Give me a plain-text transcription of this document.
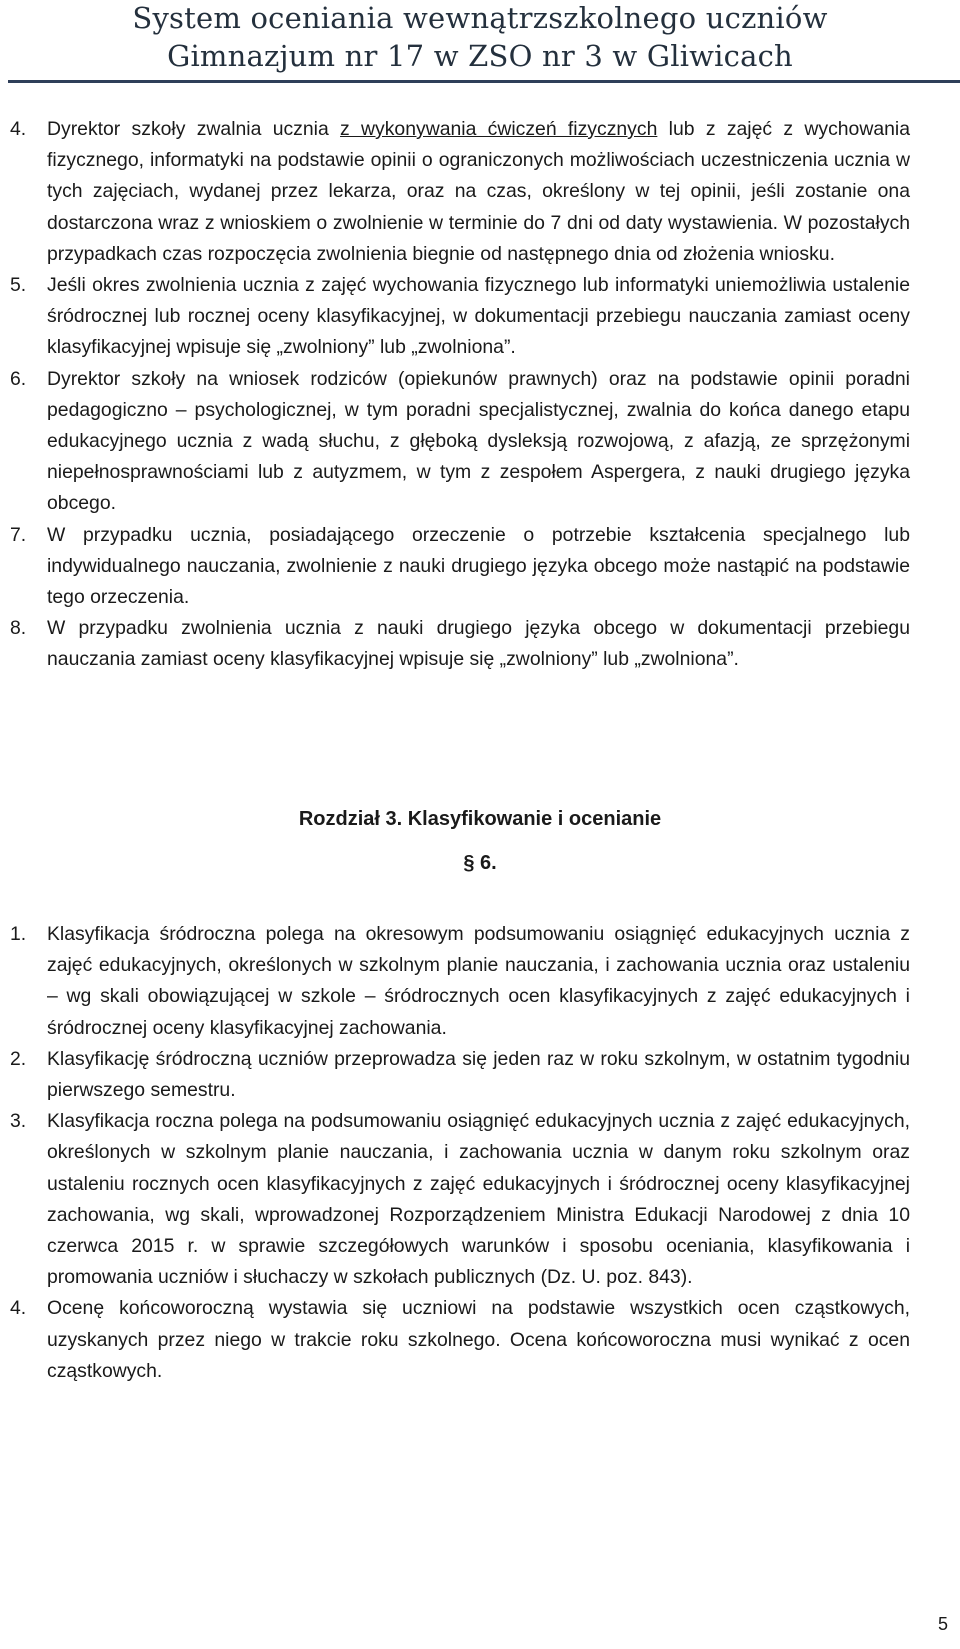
System oceniania wewnątrzszkolnego uczniów
Gimnazjum nr 17 w ZSO nr 3 w Gliwicach
4. Dyrektor szkoły zwalnia ucznia z wykonywania ćwiczeń fizycznych lub z zajęć z wychowania fizycznego, informatyki na podstawie opinii o ograniczonych możliwościach uczestniczenia ucznia w tych zajęciach, wydanej przez lekarza, oraz na czas, określony w tej opinii, jeśli zostanie ona dostarczona wraz z wnioskiem o zwolnienie w terminie do 7 dni od daty wystawienia. W pozostałych przypadkach czas rozpoczęcia zwolnienia biegnie od następnego dnia od złożenia wniosku.
5. Jeśli okres zwolnienia ucznia z zajęć wychowania fizycznego lub informatyki uniemożliwia ustalenie śródrocznej lub rocznej oceny klasyfikacyjnej, w dokumentacji przebiegu nauczania zamiast oceny klasyfikacyjnej wpisuje się „zwolniony” lub „zwolniona”.
6. Dyrektor szkoły na wniosek rodziców (opiekunów prawnych) oraz na podstawie opinii poradni pedagogiczno – psychologicznej, w tym poradni specjalistycznej, zwalnia do końca danego etapu edukacyjnego ucznia z wadą słuchu, z głęboką dysleksją rozwojową, z afazją, ze sprzężonymi niepełnosprawnościami lub z autyzmem, w tym z zespołem Aspergera, z nauki drugiego języka obcego.
7. W przypadku ucznia, posiadającego orzeczenie o potrzebie kształcenia specjalnego lub indywidualnego nauczania, zwolnienie z nauki drugiego języka obcego może nastąpić na podstawie tego orzeczenia.
8. W przypadku zwolnienia ucznia z nauki drugiego języka obcego w dokumentacji przebiegu nauczania zamiast oceny klasyfikacyjnej wpisuje się „zwolniony” lub „zwolniona”.
Rozdział 3. Klasyfikowanie i ocenianie
§ 6.
1. Klasyfikacja śródroczna polega na okresowym podsumowaniu osiągnięć edukacyjnych ucznia z zajęć edukacyjnych, określonych w szkolnym planie nauczania, i zachowania ucznia oraz ustaleniu – wg skali obowiązującej w szkole – śródrocznych ocen klasyfikacyjnych z zajęć edukacyjnych i śródrocznej oceny klasyfikacyjnej zachowania.
2. Klasyfikację śródroczną uczniów przeprowadza się jeden raz w roku szkolnym, w ostatnim tygodniu pierwszego semestru.
3. Klasyfikacja roczna polega na podsumowaniu osiągnięć edukacyjnych ucznia z zajęć edukacyjnych, określonych w szkolnym planie nauczania, i zachowania ucznia w danym roku szkolnym oraz ustaleniu rocznych ocen klasyfikacyjnych z zajęć edukacyjnych i śródrocznej oceny klasyfikacyjnej zachowania, wg skali, wprowadzonej Rozporządzeniem Ministra Edukacji Narodowej z dnia 10 czerwca 2015 r. w sprawie szczegółowych warunków i sposobu oceniania, klasyfikowania i promowania uczniów i słuchaczy w szkołach publicznych (Dz. U. poz. 843).
4. Ocenę końcoworoczną wystawia się uczniowi na podstawie wszystkich ocen cząstkowych, uzyskanych przez niego w trakcie roku szkolnego. Ocena końcoworoczna musi wynikać z ocen cząstkowych.
5
